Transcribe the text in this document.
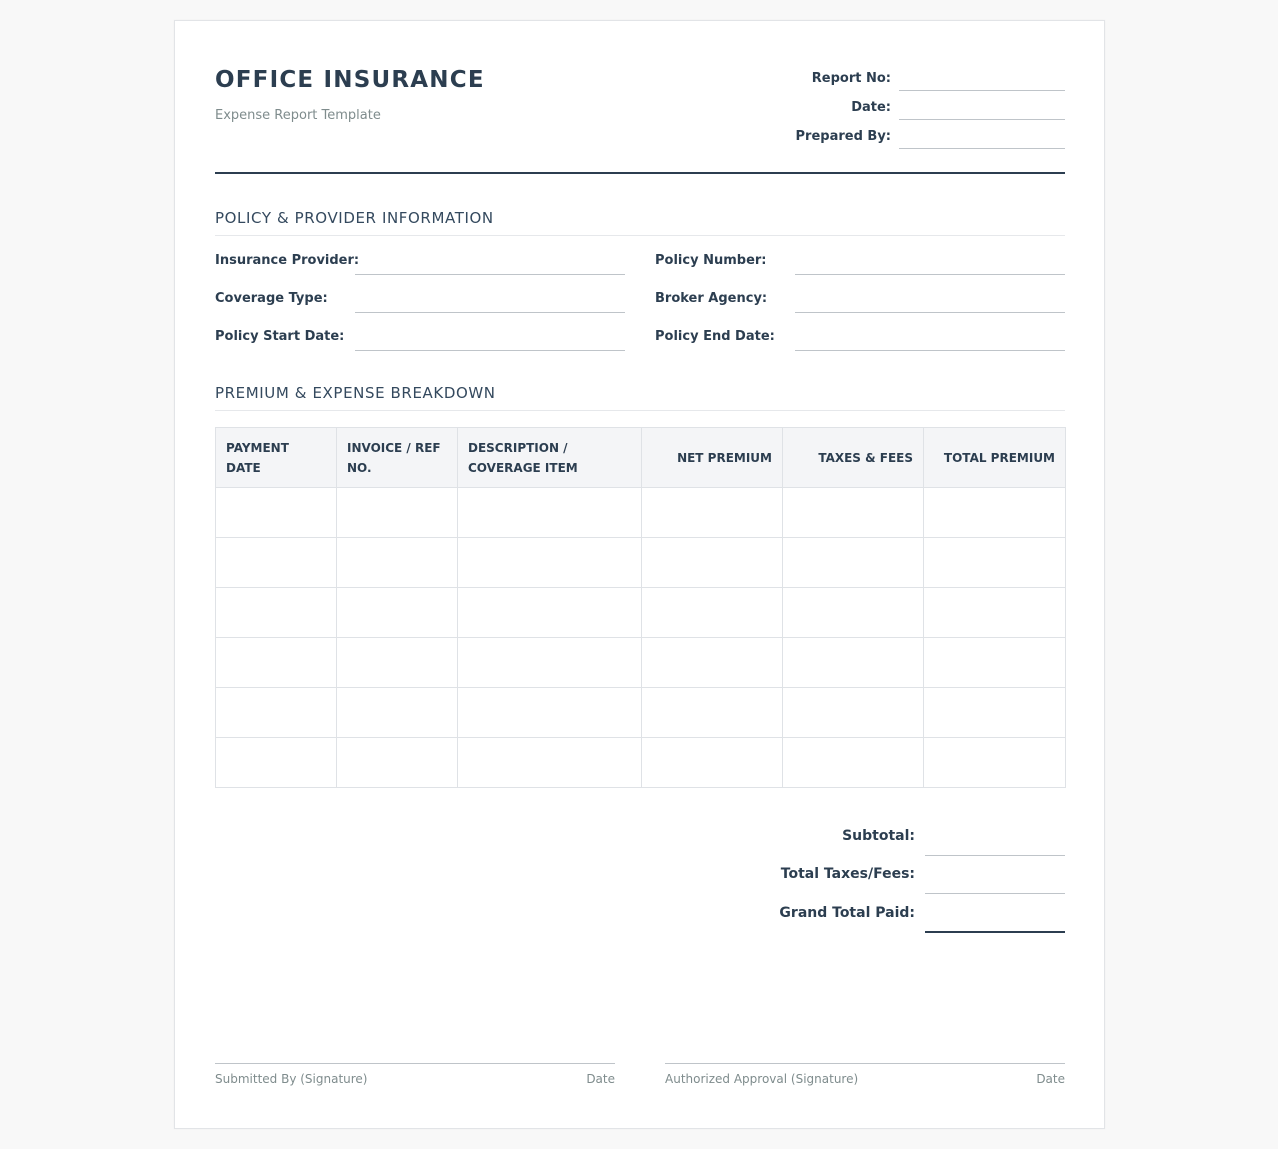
OFFICE INSURANCE
Expense Report Template
Report No:
Date:
Prepared By:
POLICY & PROVIDER INFORMATION
Insurance Provider:	Policy Number:
Coverage Type:	Broker Agency:
Policy Start Date:	Policy End Date:
PREMIUM & EXPENSE BREAKDOWN
PAYMENT DATE	INVOICE / REF NO.	DESCRIPTION / COVERAGE ITEM	NET PREMIUM	TAXES & FEES	TOTAL PREMIUM

Subtotal:
Total Taxes/Fees:
Grand Total Paid:
Submitted By (Signature)	Date	Authorized Approval (Signature)	Date
